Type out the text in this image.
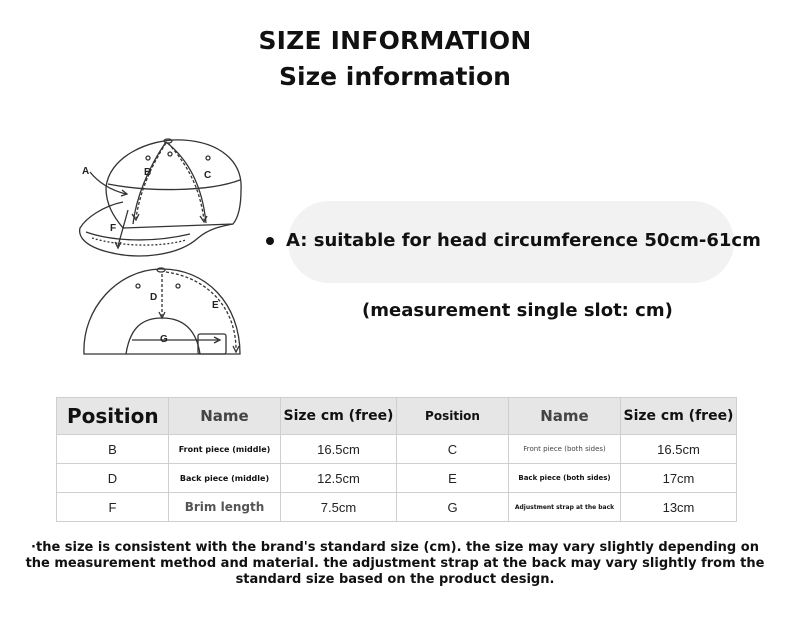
SIZE INFORMATION
Size information
A	B	C
F
D
E
G
A: suitable for head circumference 50cm-61cm
(measurement single slot: cm)
Position	Name	Size cm (free)	Position	Name	Size cm (free)
B	Front piece (middle)	16.5cm	C	Front piece (both sides)	16.5cm
D	Back piece (middle)	12.5cm	E	Back piece (both sides)	17cm
F	Brim length	7.5cm	G	Adjustment strap at the back	13cm
·the size is consistent with the brand's standard size (cm). the size may vary slightly depending on the measurement method and material. the adjustment strap at the back may vary slightly from the standard size based on the product design.
